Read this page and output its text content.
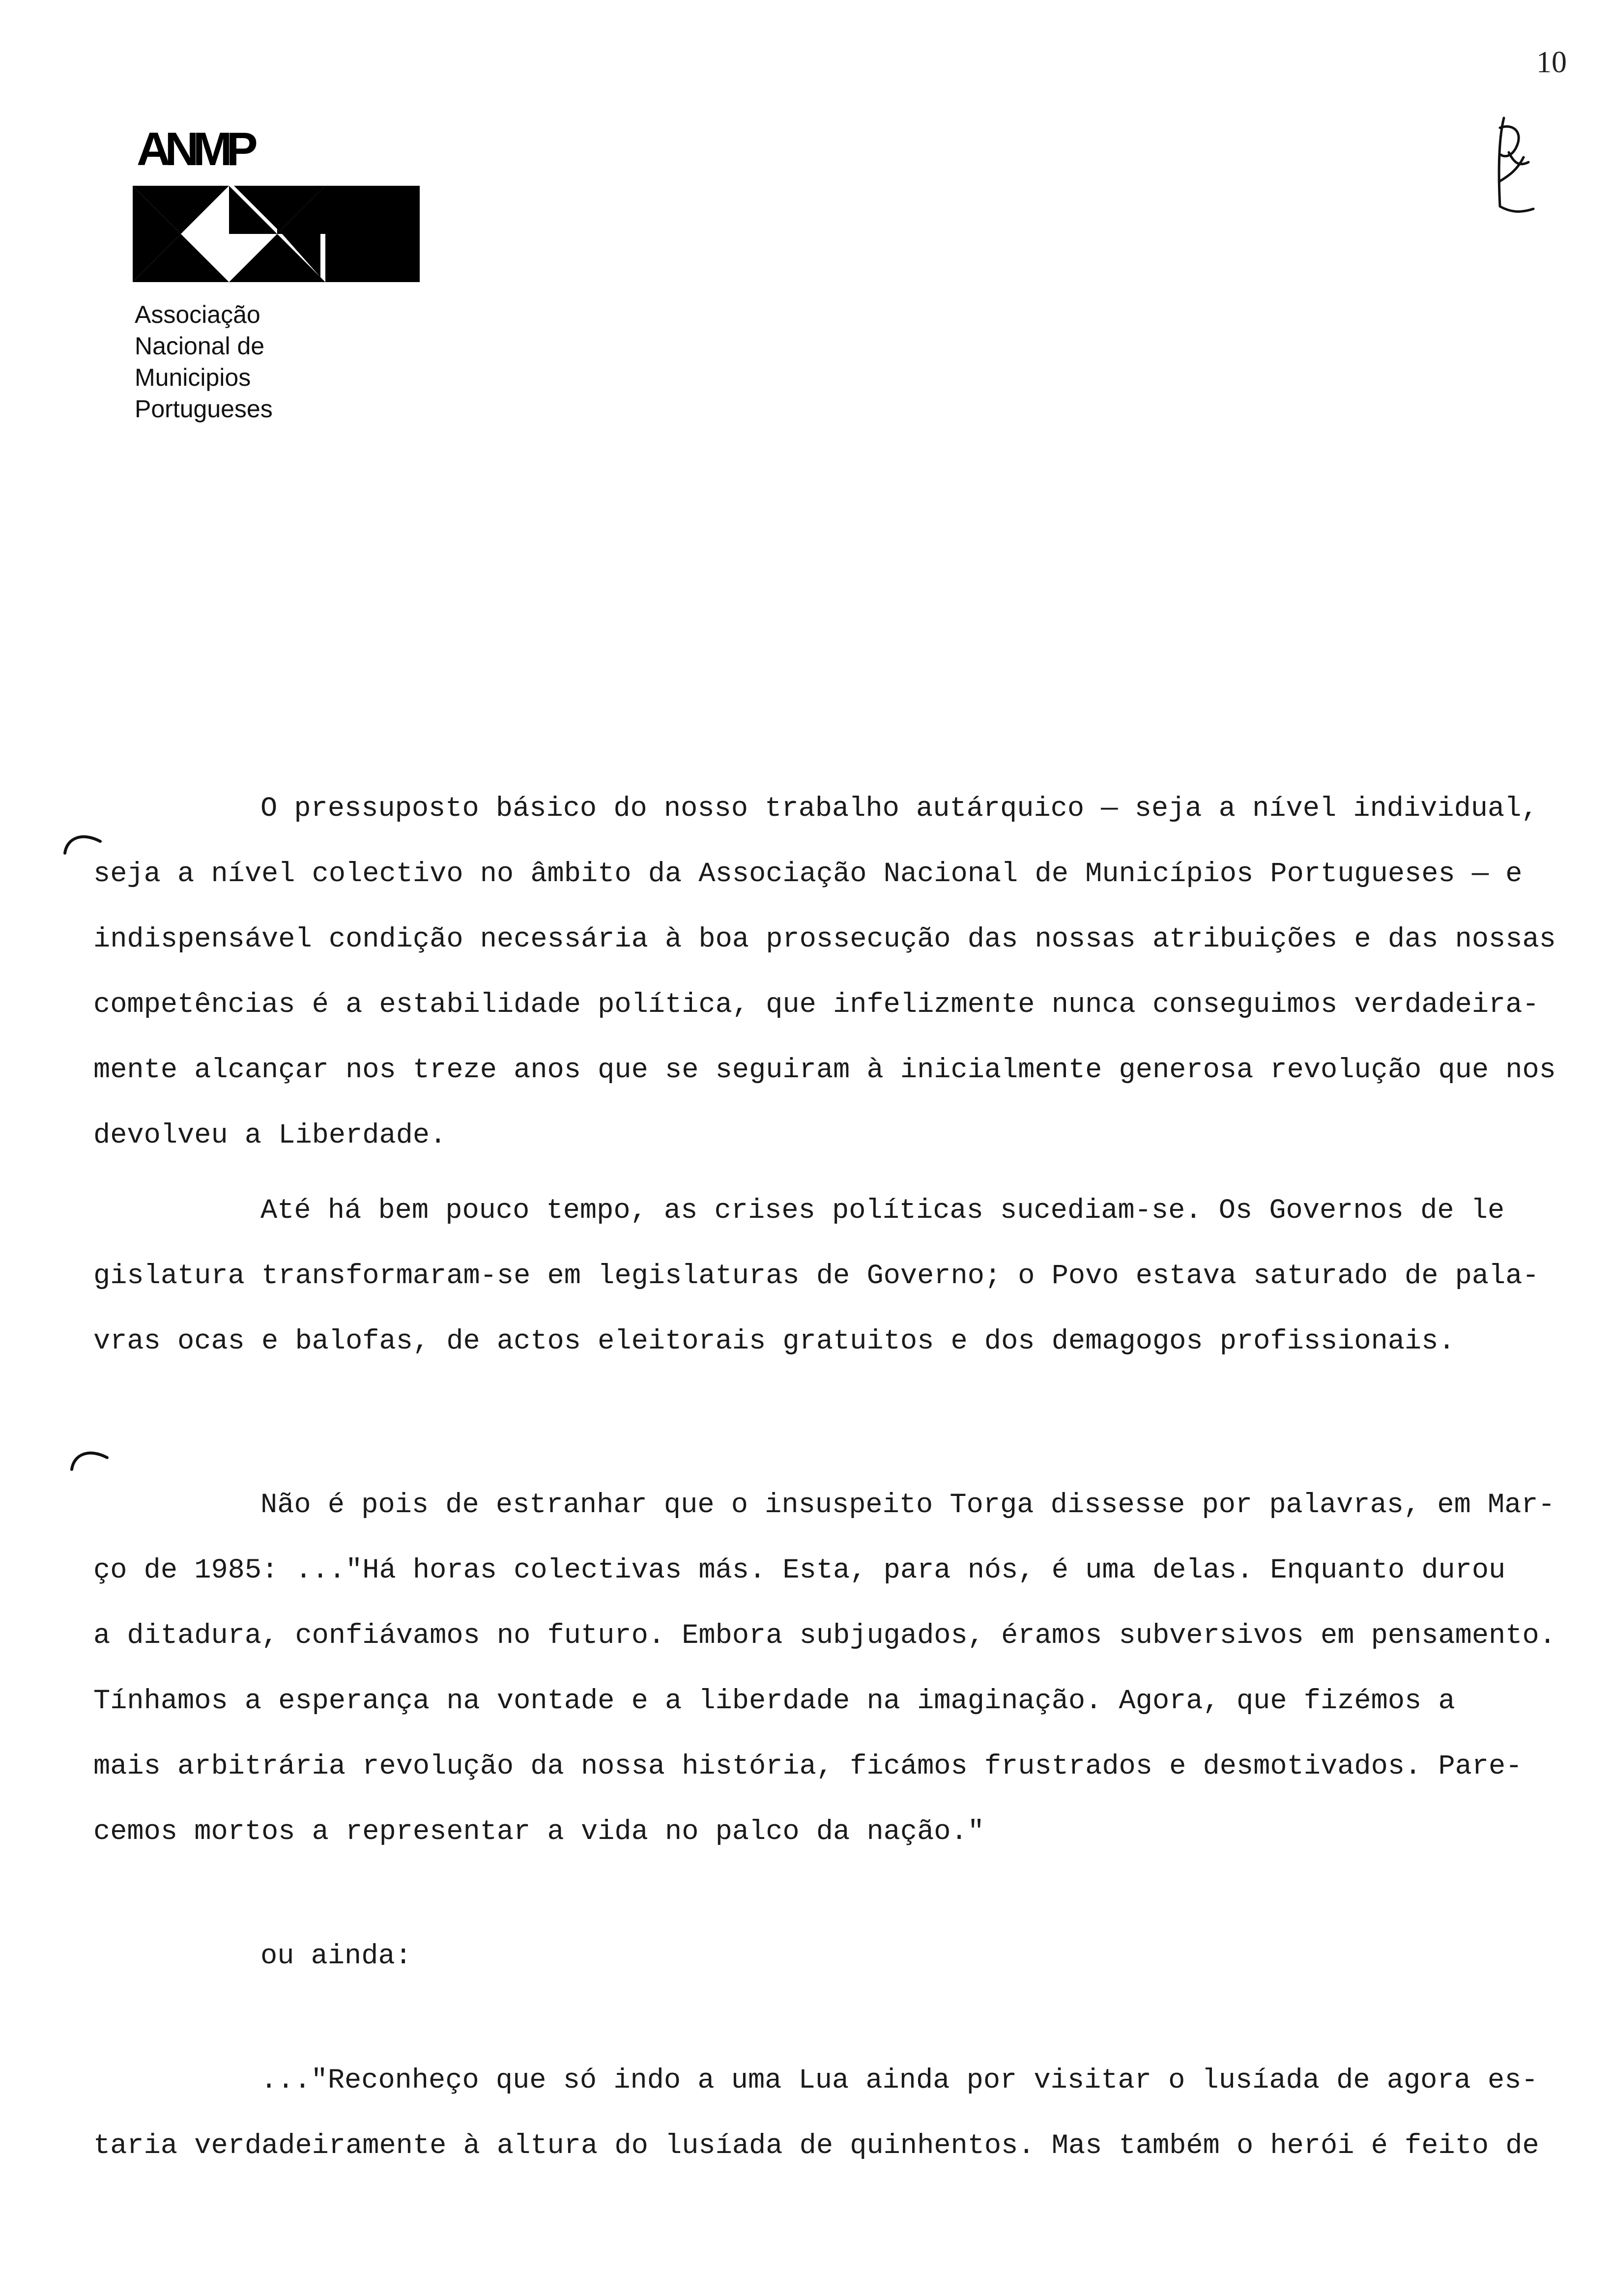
10
ANMP
Associação
Nacional de
Municipios
Portugueses
O pressuposto básico do nosso trabalho autárquico — seja a nível individual,
seja a nível colectivo no âmbito da Associação Nacional de Municípios Portugueses — e
indispensável condição necessária à boa prossecução das nossas atribuições e das nossas
competências é a estabilidade política, que infelizmente nunca conseguimos verdadeira-
mente alcançar nos treze anos que se seguiram à inicialmente generosa revolução que nos
devolveu a Liberdade.
Até há bem pouco tempo, as crises políticas sucediam-se. Os Governos de le
gislatura transformaram-se em legislaturas de Governo; o Povo estava saturado de pala-
vras ocas e balofas, de actos eleitorais gratuitos e dos demagogos profissionais.
Não é pois de estranhar que o insuspeito Torga dissesse por palavras, em Mar-
ço de 1985: ..."Há horas colectivas más. Esta, para nós, é uma delas. Enquanto durou
a ditadura, confiávamos no futuro. Embora subjugados, éramos subversivos em pensamento.
Tínhamos a esperança na vontade e a liberdade na imaginação. Agora, que fizémos a
mais arbitrária revolução da nossa história, ficámos frustrados e desmotivados. Pare-
cemos mortos a representar a vida no palco da nação."
ou ainda:
..."Reconheço que só indo a uma Lua ainda por visitar o lusíada de agora es-
taria verdadeiramente à altura do lusíada de quinhentos. Mas também o herói é feito de
